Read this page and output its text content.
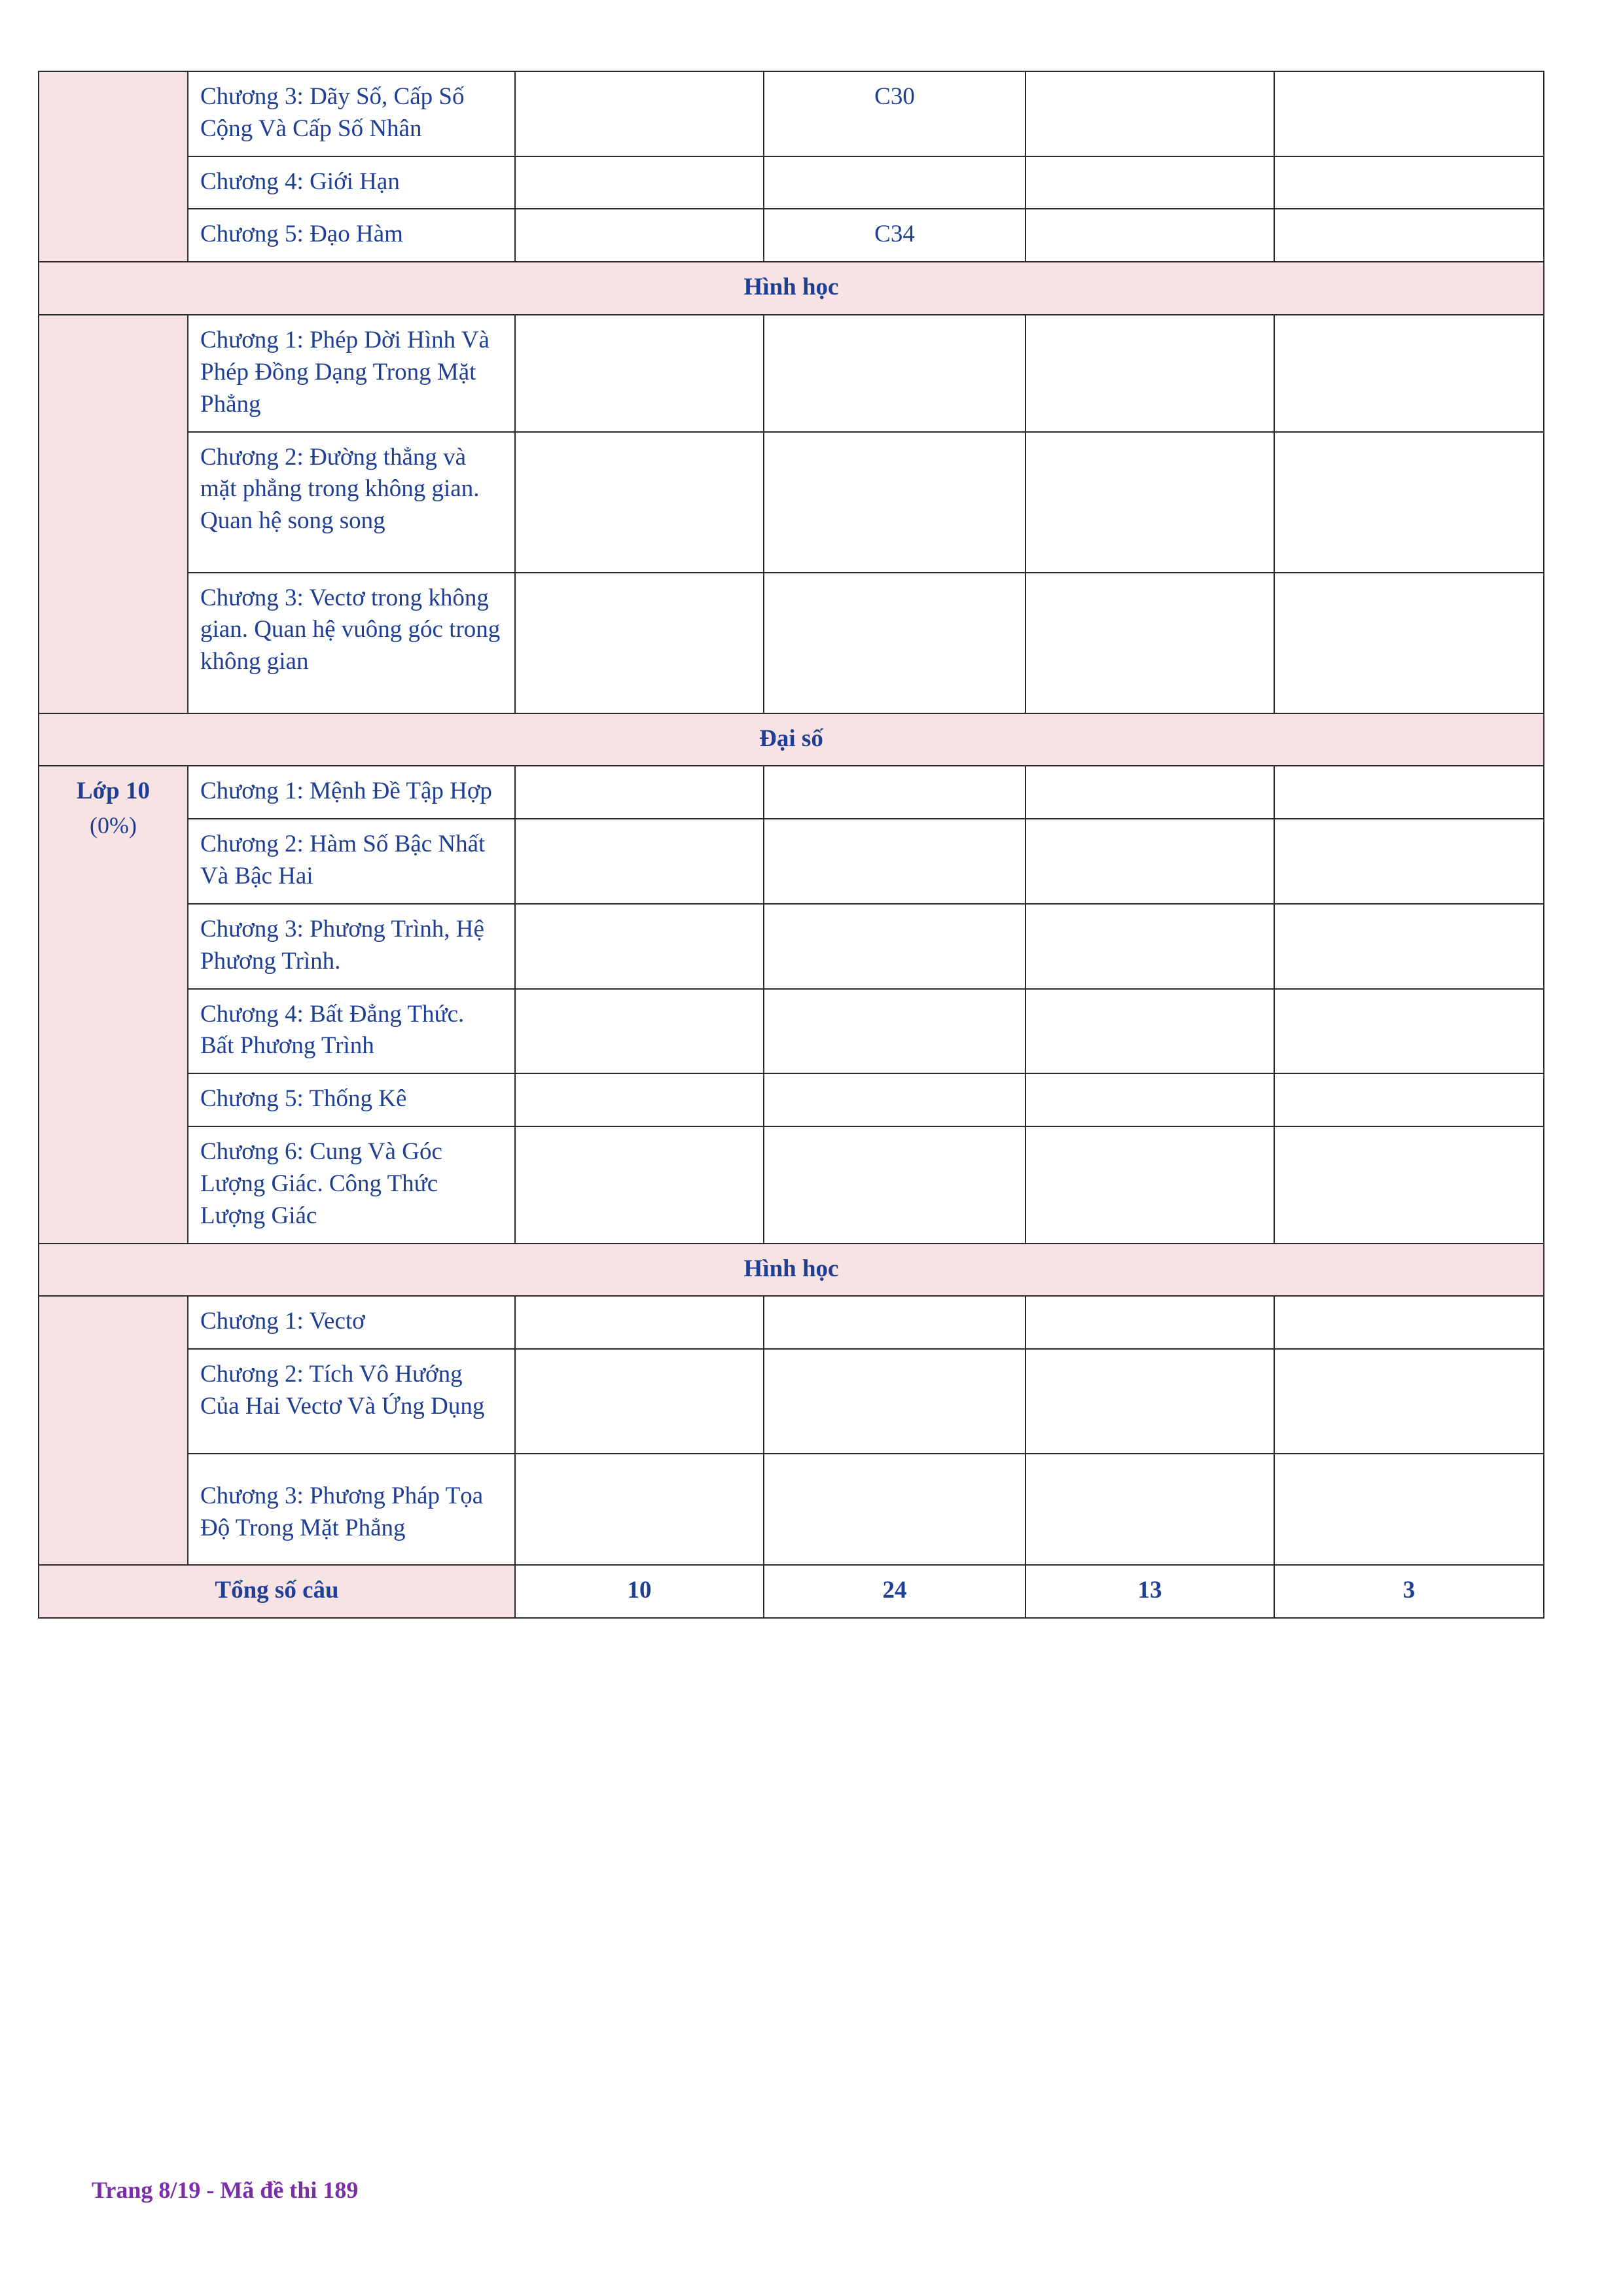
	Chương 3: Dãy Số, Cấp Số Cộng Và Cấp Số Nhân		C30		
	Chương 4: Giới Hạn				
	Chương 5: Đạo Hàm		C34		
Hình học					
	Chương 1: Phép Dời Hình Và Phép Đồng Dạng Trong Mặt Phẳng				
	Chương 2: Đường thẳng và mặt phẳng trong không gian. Quan hệ song song				
	Chương 3: Vectơ trong không gian. Quan hệ vuông góc trong không gian				
Đại số					
Lớp 10
(0%)	Chương 1: Mệnh Đề Tập Hợp				
	Chương 2: Hàm Số Bậc Nhất Và Bậc Hai				
	Chương 3: Phương Trình, Hệ Phương Trình.				
	Chương 4: Bất Đẳng Thức. Bất Phương Trình				
	Chương 5: Thống Kê				
	Chương 6: Cung Và Góc Lượng Giác. Công Thức Lượng Giác				
Hình học					
	Chương 1: Vectơ				
	Chương 2: Tích Vô Hướng Của Hai Vectơ Và Ứng Dụng				
	Chương 3: Phương Pháp Tọa Độ Trong Mặt Phẳng				
Tổng số câu		10	24	13	3
Trang 8/19 - Mã đề thi 189
